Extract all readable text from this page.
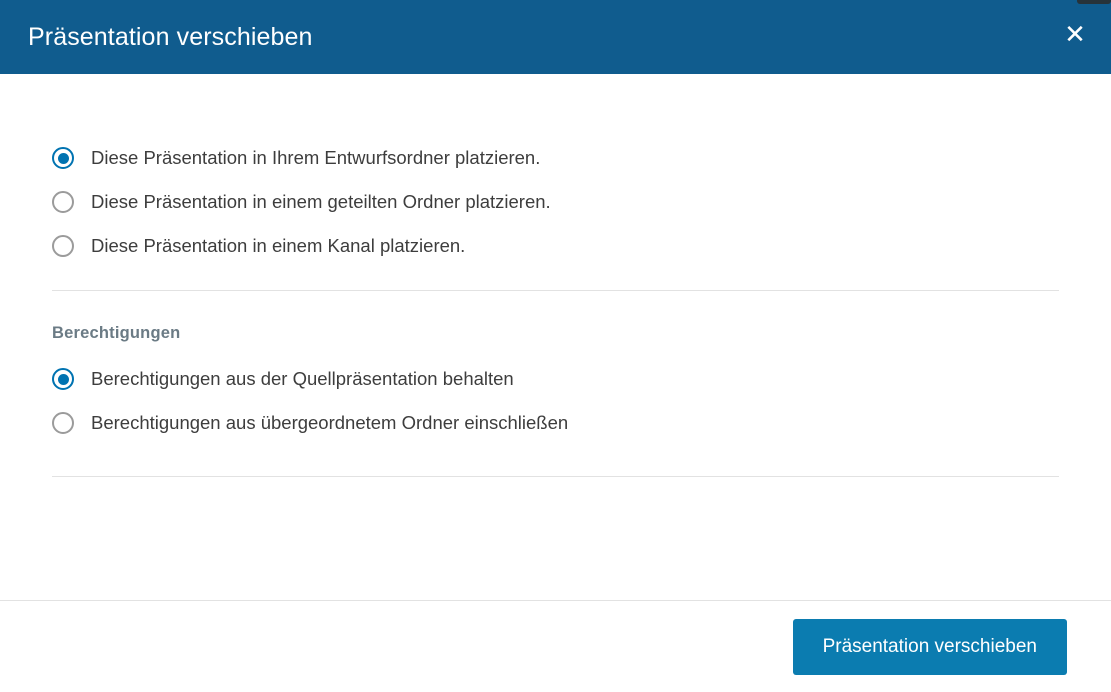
Präsentation verschieben	✕
Diese Präsentation in Ihrem Entwurfsordner platzieren.
Diese Präsentation in einem geteilten Ordner platzieren.
Diese Präsentation in einem Kanal platzieren.
Berechtigungen
Berechtigungen aus der Quellpräsentation behalten
Berechtigungen aus übergeordnetem Ordner einschließen
Präsentation verschieben
